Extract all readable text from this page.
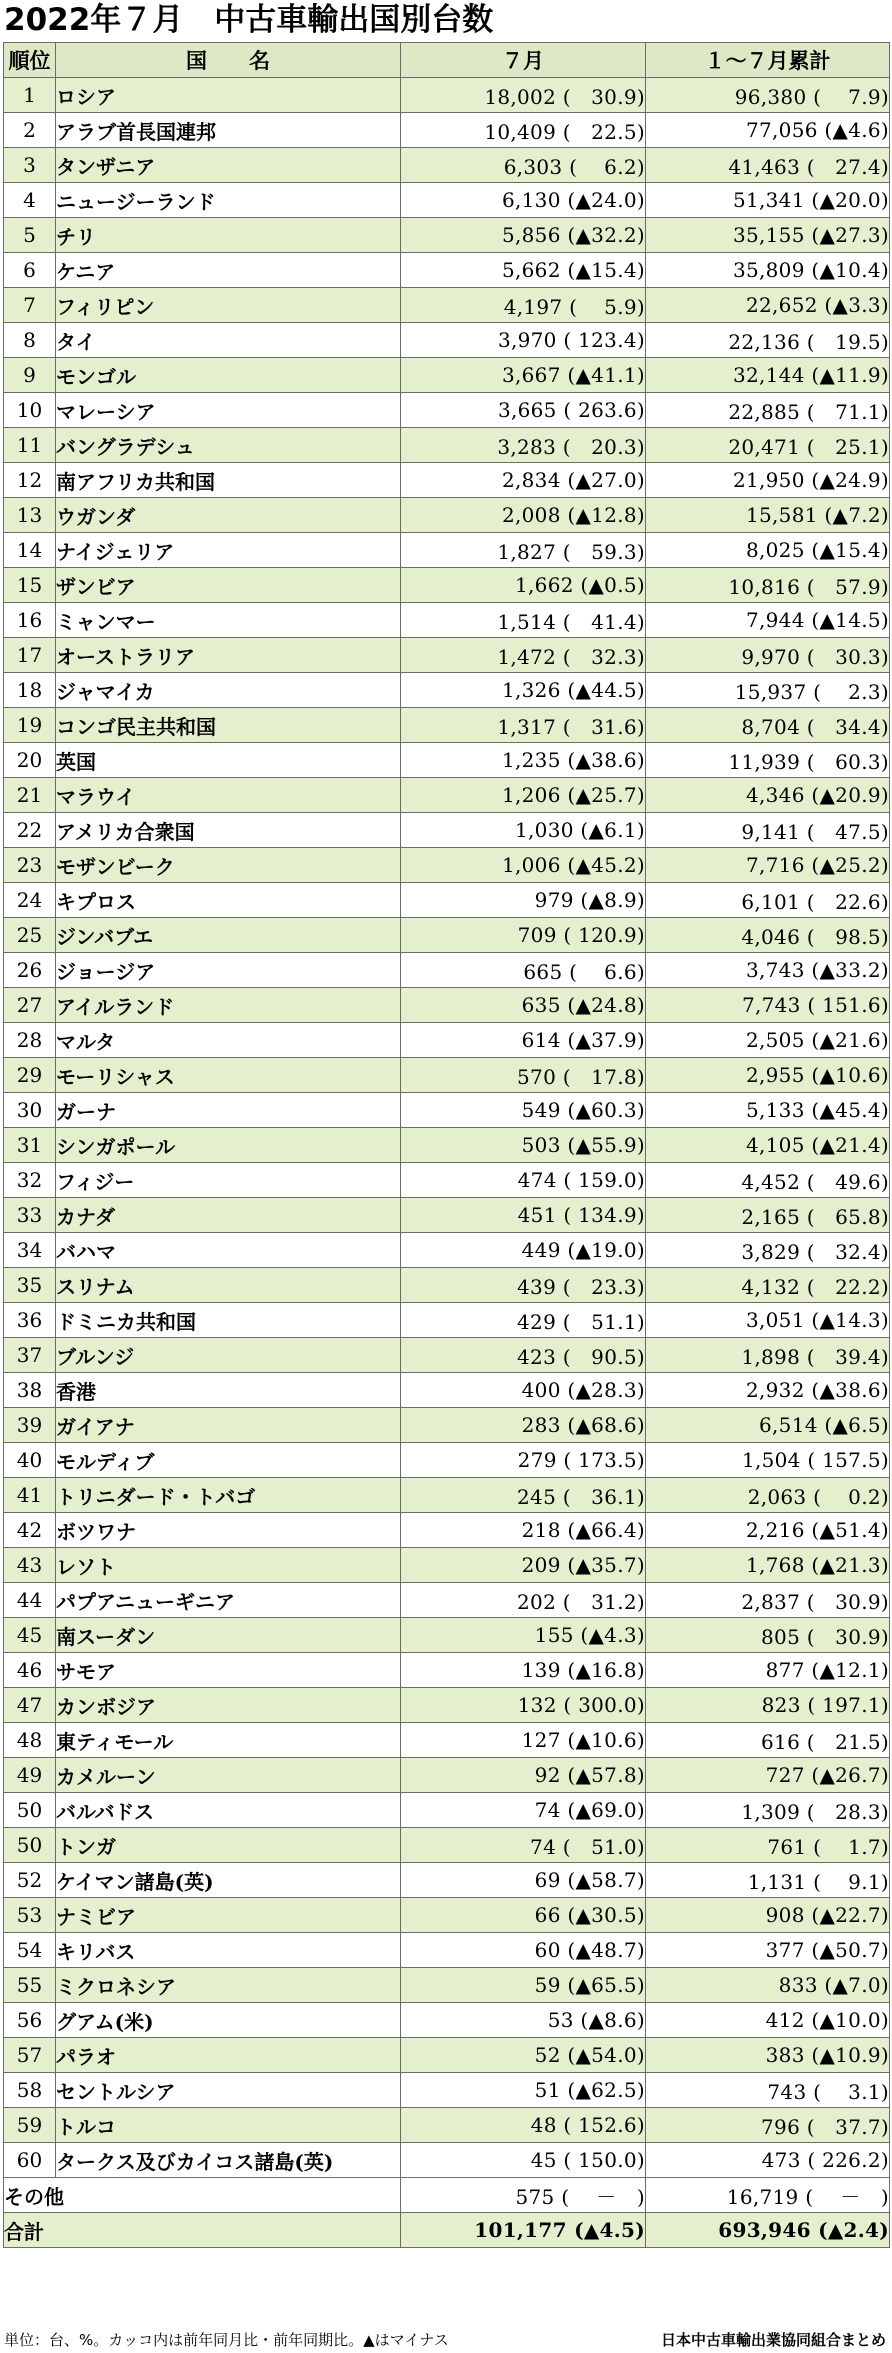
2022年７月　中古車輸出国別台数
順位	国　　名	７月	１～７月累計
1	ロシア	18,002 (　30.9)	96,380 (　 7.9)
2	アラブ首長国連邦	10,409 (　22.5)	77,056 (▲4.6)
3	タンザニア	6,303 (　 6.2)	41,463 (　27.4)
4	ニュージーランド	6,130 (▲24.0)	51,341 (▲20.0)
5	チリ	5,856 (▲32.2)	35,155 (▲27.3)
6	ケニア	5,662 (▲15.4)	35,809 (▲10.4)
7	フィリピン	4,197 (　 5.9)	22,652 (▲3.3)
8	タイ	3,970 ( 123.4)	22,136 (　19.5)
9	モンゴル	3,667 (▲41.1)	32,144 (▲11.9)
10	マレーシア	3,665 ( 263.6)	22,885 (　71.1)
11	バングラデシュ	3,283 (　20.3)	20,471 (　25.1)
12	南アフリカ共和国	2,834 (▲27.0)	21,950 (▲24.9)
13	ウガンダ	2,008 (▲12.8)	15,581 (▲7.2)
14	ナイジェリア	1,827 (　59.3)	8,025 (▲15.4)
15	ザンビア	1,662 (▲0.5)	10,816 (　57.9)
16	ミャンマー	1,514 (　41.4)	7,944 (▲14.5)
17	オーストラリア	1,472 (　32.3)	9,970 (　30.3)
18	ジャマイカ	1,326 (▲44.5)	15,937 (　 2.3)
19	コンゴ民主共和国	1,317 (　31.6)	8,704 (　34.4)
20	英国	1,235 (▲38.6)	11,939 (　60.3)
21	マラウイ	1,206 (▲25.7)	4,346 (▲20.9)
22	アメリカ合衆国	1,030 (▲6.1)	9,141 (　47.5)
23	モザンビーク	1,006 (▲45.2)	7,716 (▲25.2)
24	キプロス	979 (▲8.9)	6,101 (　22.6)
25	ジンバブエ	709 ( 120.9)	4,046 (　98.5)
26	ジョージア	665 (　 6.6)	3,743 (▲33.2)
27	アイルランド	635 (▲24.8)	7,743 ( 151.6)
28	マルタ	614 (▲37.9)	2,505 (▲21.6)
29	モーリシャス	570 (　17.8)	2,955 (▲10.6)
30	ガーナ	549 (▲60.3)	5,133 (▲45.4)
31	シンガポール	503 (▲55.9)	4,105 (▲21.4)
32	フィジー	474 ( 159.0)	4,452 (　49.6)
33	カナダ	451 ( 134.9)	2,165 (　65.8)
34	バハマ	449 (▲19.0)	3,829 (　32.4)
35	スリナム	439 (　23.3)	4,132 (　22.2)
36	ドミニカ共和国	429 (　51.1)	3,051 (▲14.3)
37	ブルンジ	423 (　90.5)	1,898 (　39.4)
38	香港	400 (▲28.3)	2,932 (▲38.6)
39	ガイアナ	283 (▲68.6)	6,514 (▲6.5)
40	モルディブ	279 ( 173.5)	1,504 ( 157.5)
41	トリニダード・トバゴ	245 (　36.1)	2,063 (　 0.2)
42	ボツワナ	218 (▲66.4)	2,216 (▲51.4)
43	レソト	209 (▲35.7)	1,768 (▲21.3)
44	パプアニューギニア	202 (　31.2)	2,837 (　30.9)
45	南スーダン	155 (▲4.3)	805 (　30.9)
46	サモア	139 (▲16.8)	877 (▲12.1)
47	カンボジア	132 ( 300.0)	823 ( 197.1)
48	東ティモール	127 (▲10.6)	616 (　21.5)
49	カメルーン	92 (▲57.8)	727 (▲26.7)
50	バルバドス	74 (▲69.0)	1,309 (　28.3)
50	トンガ	74 (　51.0)	761 (　 1.7)
52	ケイマン諸島(英)	69 (▲58.7)	1,131 (　 9.1)
53	ナミビア	66 (▲30.5)	908 (▲22.7)
54	キリバス	60 (▲48.7)	377 (▲50.7)
55	ミクロネシア	59 (▲65.5)	833 (▲7.0)
56	グアム(米)	53 (▲8.6)	412 (▲10.0)
57	パラオ	52 (▲54.0)	383 (▲10.9)
58	セントルシア	51 (▲62.5)	743 (　 3.1)
59	トルコ	48 ( 152.6)	796 (　37.7)
60	タークス及びカイコス諸島(英)	45 ( 150.0)	473 ( 226.2)
その他		575 (　 －　)	16,719 (　 －　)
合計		101,177 (▲4.5)	693,946 (▲2.4)
単位：台、%。カッコ内は前年同月比・前年同期比。▲はマイナス	日本中古車輸出業協同組合まとめ
